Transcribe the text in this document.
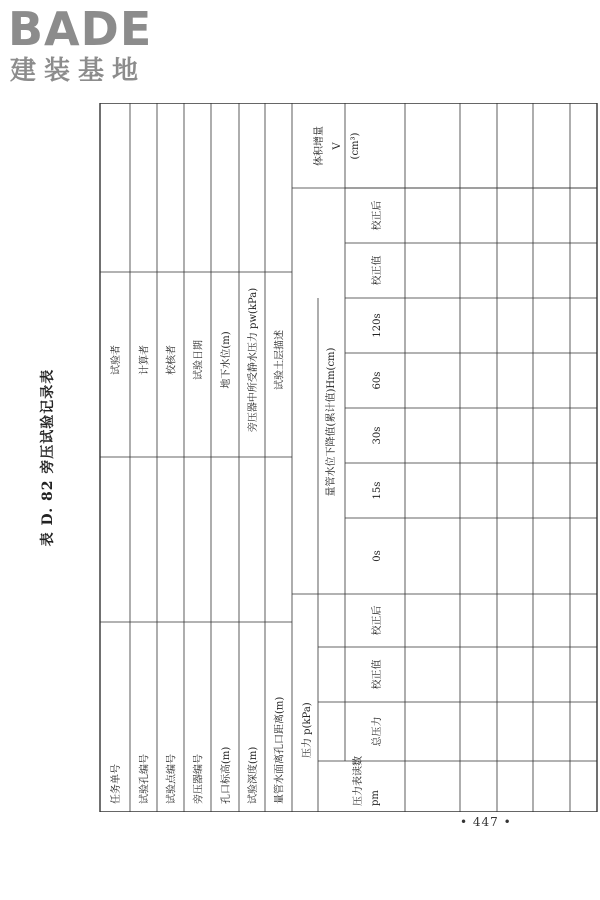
BADE
建装基地
表 D. 82 旁压试验记录表
任务单号
试验者
试验孔编号
计算者
试验点编号
校核者
旁压器编号
试验日期
孔口标高(m)
地下水位(m)
试验深度(m)
旁压器中所受静水压力 pw(kPa)
量管水面离孔口距离(m)
试验土层描述
压力 p(kPa)
压力表读数 pm
总压力
校正值
校正后
量管水位下降值(累计值)Hm(cm)
0s
15s
30s
60s
120s
校正值
校正后
体积增量 V (cm³)
• 447 •
